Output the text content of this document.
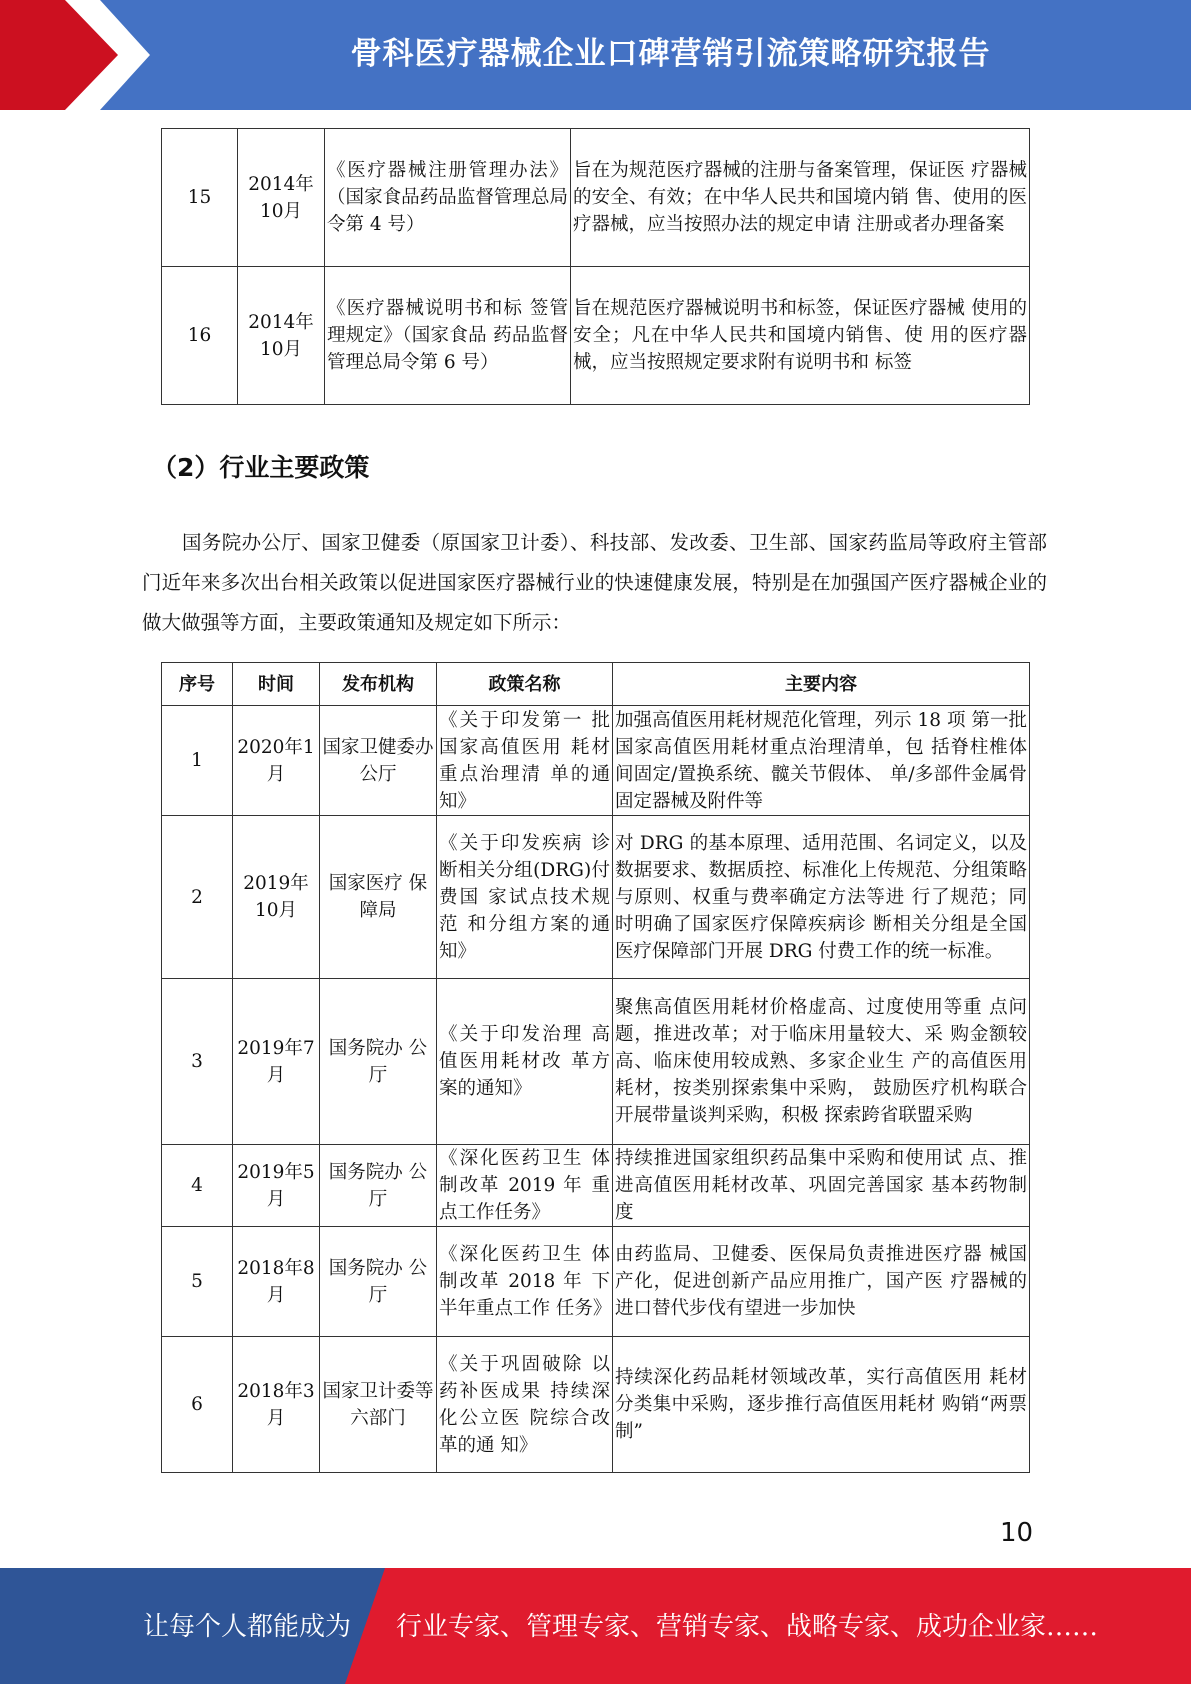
骨科医疗器械企业口碑营销引流策略研究报告
15	2014年10月	《医疗器械注册管理办法》（国家食品药品监督管理总局令第 4 号）	旨在为规范医疗器械的注册与备案管理，保证医 疗器械的安全、有效；在中华人民共和国境内销 售、使用的医疗器械，应当按照办法的规定申请 注册或者办理备案
16	2014年10月	《医疗器械说明书和标 签管理规定》（国家食品 药品监督管理总局令第 6 号）	旨在规范医疗器械说明书和标签，保证医疗器械 使用的安全；凡在中华人民共和国境内销售、使 用的医疗器械，应当按照规定要求附有说明书和 标签
（2）行业主要政策
国务院办公厅、国家卫健委（原国家卫计委）、科技部、发改委、卫生部、国家药监局等政府主管部门近年来多次出台相关政策以促进国家医疗器械行业的快速健康发展，特别是在加强国产医疗器械企业的做大做强等方面，主要政策通知及规定如下所示：
序号	时间	发布机构	政策名称	主要内容
1	2020年1月	国家卫健委办公厅	《关于印发第一 批国家高值医用 耗材重点治理清 单的通知》	加强高值医用耗材规范化管理，列示 18 项 第一批国家高值医用耗材重点治理清单，包 括脊柱椎体间固定/置换系统、髋关节假体、 单/多部件金属骨固定器械及附件等
2	2019年10月	国家医疗 保障局	《关于印发疾病 诊断相关分组(DRG)付费国 家试点技术规范 和分组方案的通 知》	对 DRG 的基本原理、适用范围、名词定义，以及数据要求、数据质控、标准化上传规范、分组策略与原则、权重与费率确定方法等进 行了规范；同时明确了国家医疗保障疾病诊 断相关分组是全国医疗保障部门开展 DRG 付费工作的统一标准。
3	2019年7月	国务院办 公厅	《关于印发治理 高值医用耗材改 革方案的通知》	聚焦高值医用耗材价格虚高、过度使用等重 点问题，推进改革；对于临床用量较大、采 购金额较高、临床使用较成熟、多家企业生 产的高值医用耗材，按类别探索集中采购， 鼓励医疗机构联合开展带量谈判采购，积极 探索跨省联盟采购
4	2019年5月	国务院办 公厅	《深化医药卫生 体制改革 2019 年 重点工作任务》	持续推进国家组织药品集中采购和使用试 点、推进高值医用耗材改革、巩固完善国家 基本药物制度
5	2018年8月	国务院办 公厅	《深化医药卫生 体制改革 2018 年 下半年重点工作 任务》	由药监局、卫健委、医保局负责推进医疗器 械国产化，促进创新产品应用推广，国产医 疗器械的进口替代步伐有望进一步加快
6	2018年3月	国家卫计委等六部门	《关于巩固破除 以药补医成果 持续深化公立医 院综合改革的通 知》	持续深化药品耗材领域改革，实行高值医用 耗材分类集中采购，逐步推行高值医用耗材 购销“两票制”
10
让每个人都能成为 行业专家、管理专家、营销专家、战略专家、成功企业家……
